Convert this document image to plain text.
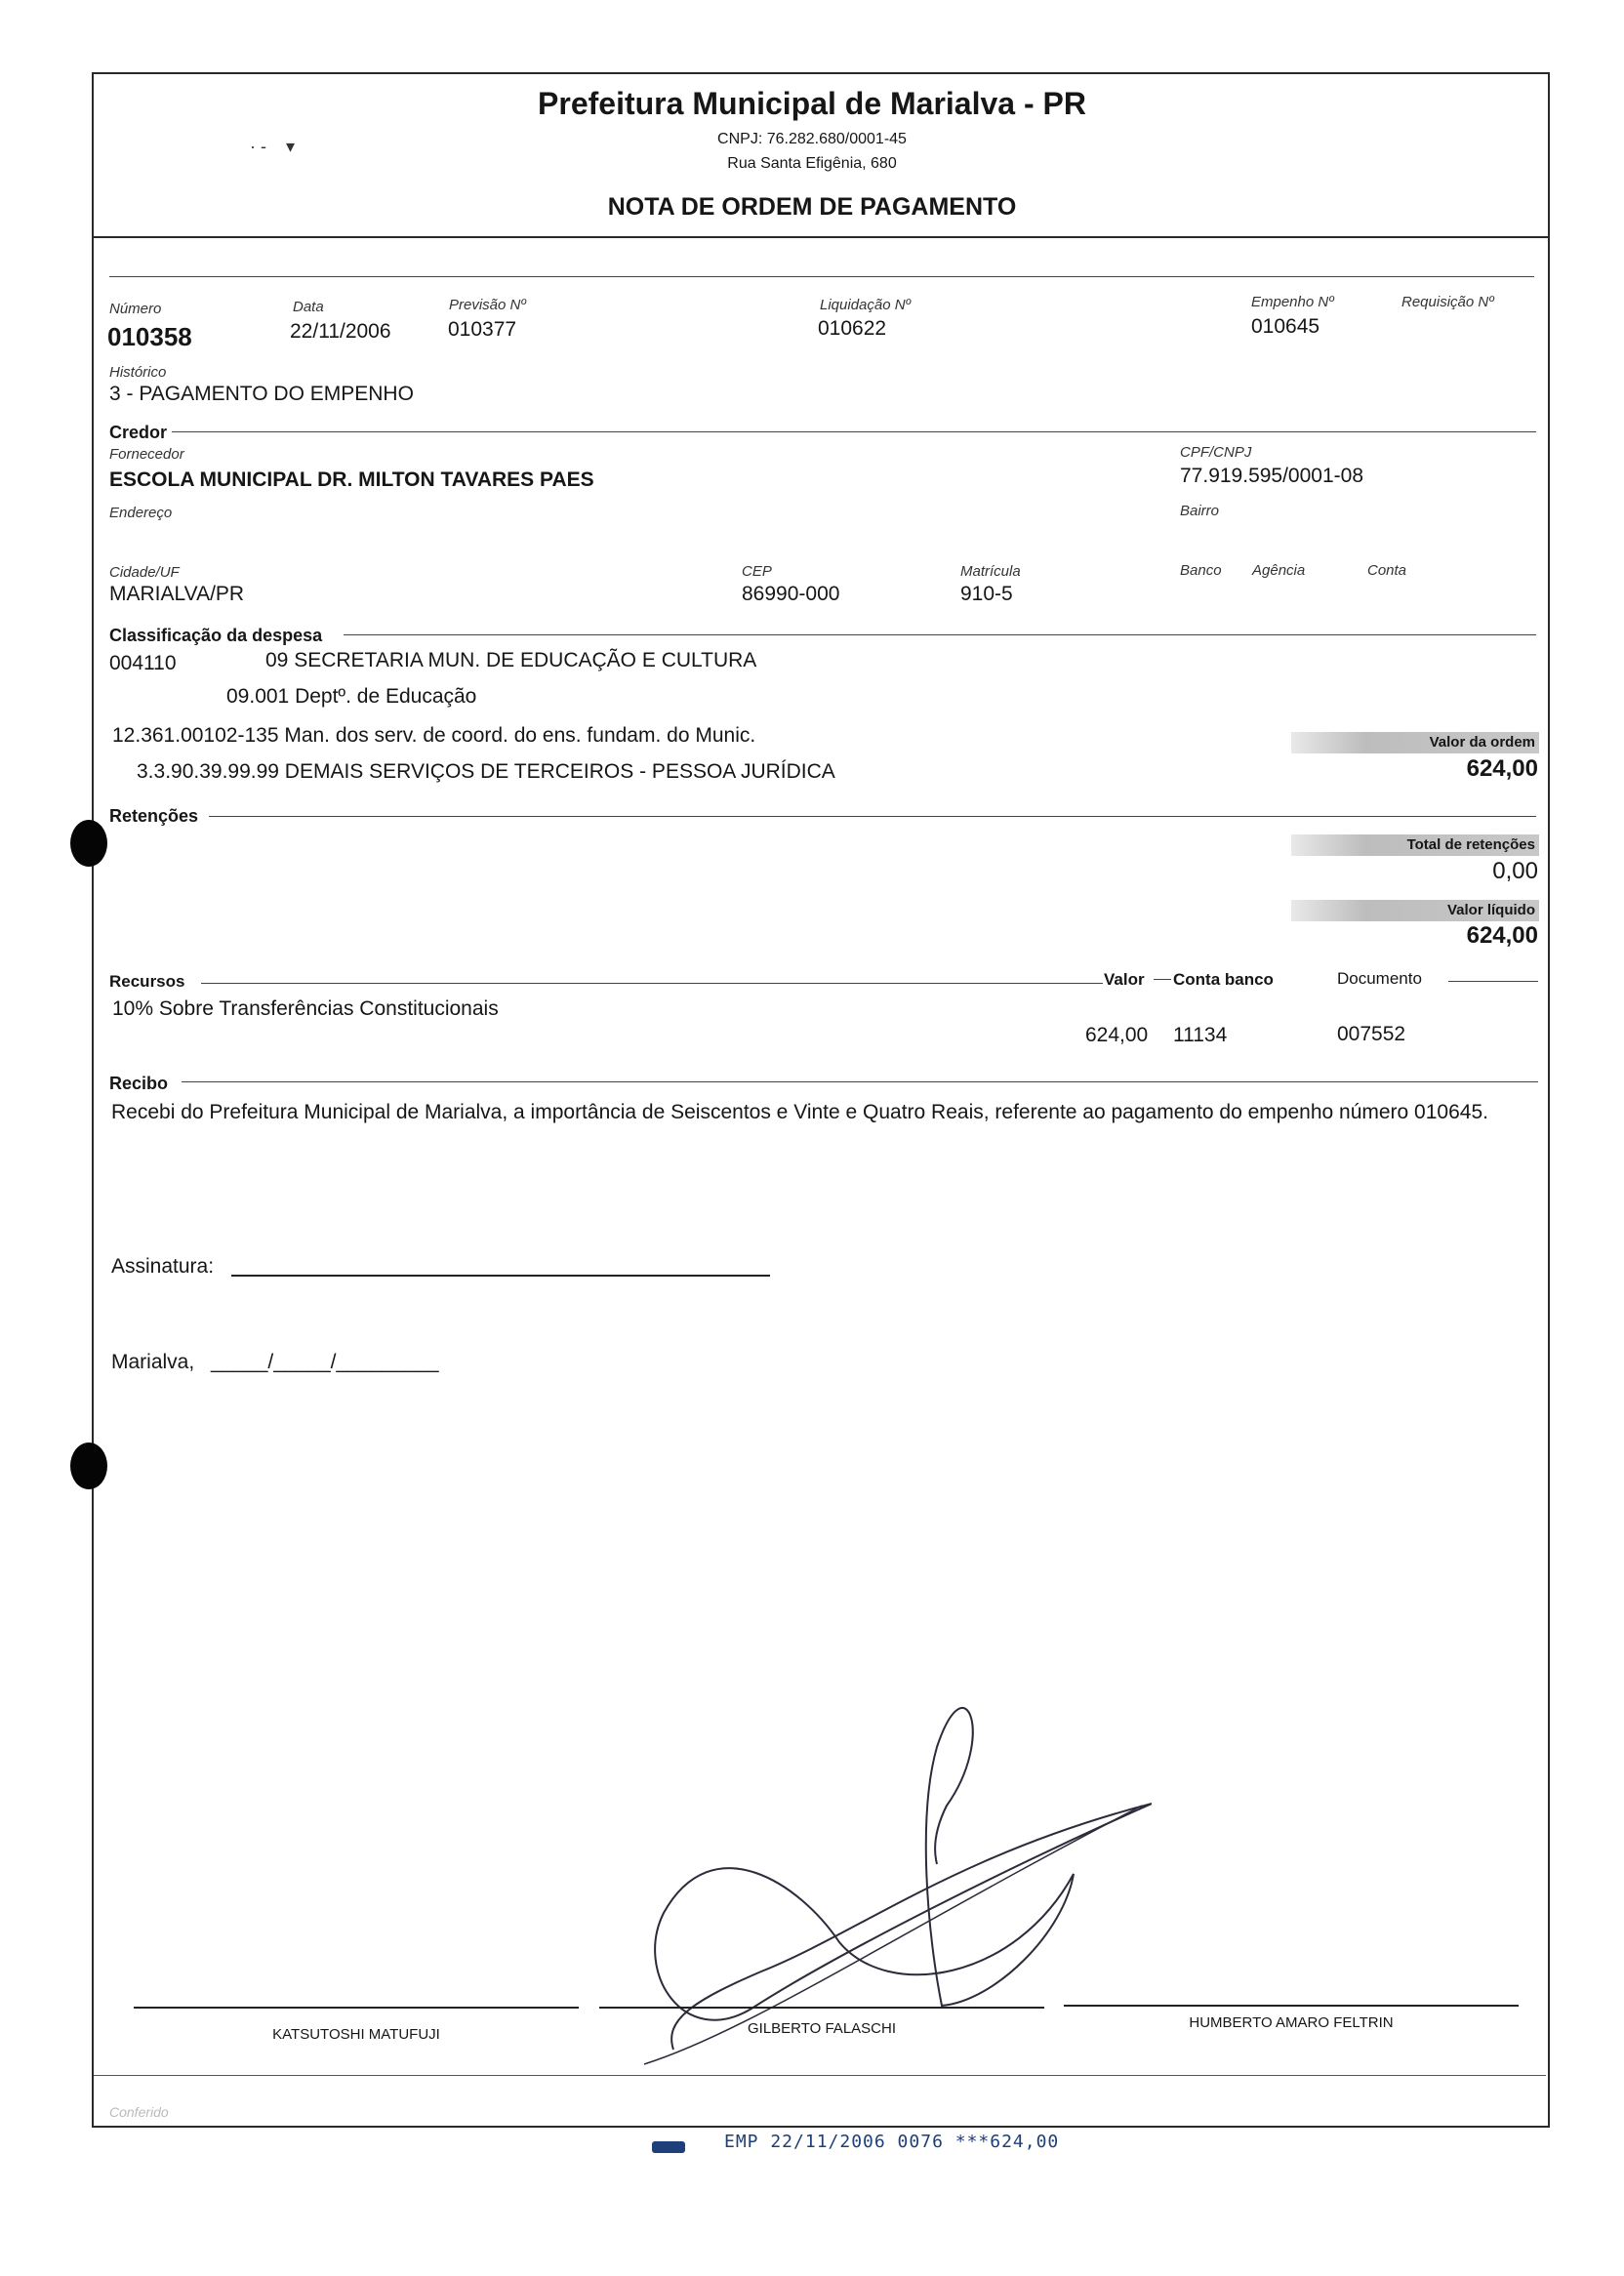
Prefeitura Municipal de Marialva - PR
CNPJ: 76.282.680/0001-45
Rua Santa Efigênia, 680
NOTA DE ORDEM DE PAGAMENTO
· ‑    ▾
Número
010358
Data
22/11/2006
Previsão Nº
010377
Liquidação Nº
010622
Empenho Nº
010645
Requisição Nº
Histórico
3 - PAGAMENTO DO EMPENHO
Credor
Fornecedor
ESCOLA MUNICIPAL DR. MILTON TAVARES PAES
CPF/CNPJ
77.919.595/0001-08
Endereço	Bairro
Cidade/UF
MARIALVA/PR
CEP
86990-000
Matrícula
910-5
Banco Agência	Conta
Classificação da despesa
004110	09 SECRETARIA MUN. DE EDUCAÇÃO E CULTURA
09.001 Deptº. de Educação
12.361.00102-135 Man. dos serv. de coord. do ens. fundam. do Munic.
3.3.90.39.99.99 DEMAIS SERVIÇOS DE TERCEIROS - PESSOA JURÍDICA
Valor da ordem
624,00
Retenções
Total de retenções
0,00
Valor líquido
624,00
Recursos	Valor Conta banco	Documento
10% Sobre Transferências Constitucionais
624,00 11134	007552
Recibo
Recebi do Prefeitura Municipal de Marialva, a importância de Seiscentos e Vinte e Quatro Reais, referente ao pagamento do empenho número 010645.
Assinatura:
Marialva, _____/_____/_________
KATSUTOSHI MATUFUJI	GILBERTO FALASCHI	HUMBERTO AMARO FELTRIN
Conferido
EMP 22/11/2006 0076 ***624,00
